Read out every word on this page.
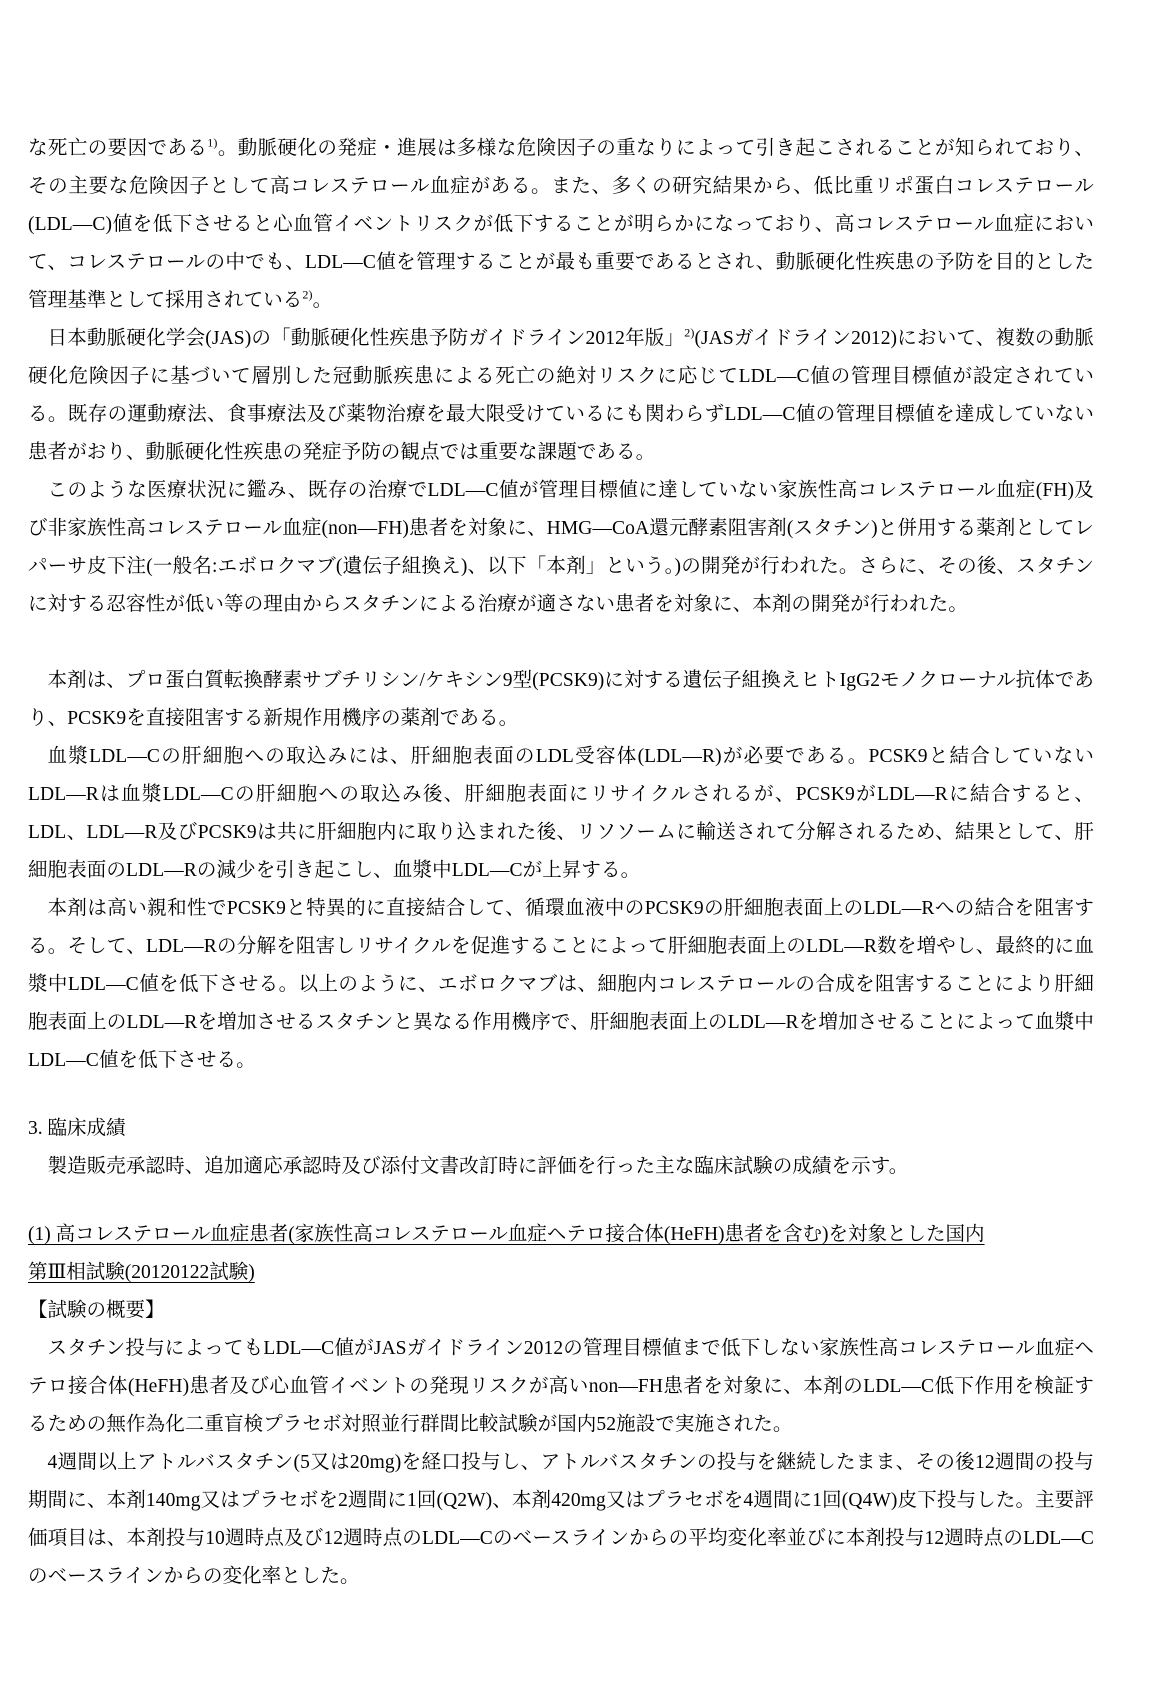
な死亡の要因である$^{1)}$。動脈硬化の発症・進展は多様な危険因子の重なりによって引き起こされることが知られており、その主要な危険因子として高コレステロール血症がある。また、多くの研究結果から、低比重リポ蛋白コレステロール(LDL―C)値を低下させると心血管イベントリスクが低下することが明らかになっており、高コレステロール血症において、コレステロールの中でも、LDL―C値を管理することが最も重要であるとされ、動脈硬化性疾患の予防を目的とした管理基準として採用されている$^{2)}$。

日本動脈硬化学会(JAS)の「動脈硬化性疾患予防ガイドライン2012年版」$^{2)}$(JASガイドライン2012)において、複数の動脈硬化危険因子に基づいて層別した冠動脈疾患による死亡の絶対リスクに応じてLDL―C値の管理目標値が設定されている。既存の運動療法、食事療法及び薬物治療を最大限受けているにも関わらずLDL―C値の管理目標値を達成していない患者がおり、動脈硬化性疾患の発症予防の観点では重要な課題である。

このような医療状況に鑑み、既存の治療でLDL―C値が管理目標値に達していない家族性高コレステロール血症(FH)及び非家族性高コレステロール血症(non―FH)患者を対象に、HMG―CoA還元酵素阻害剤(スタチン)と併用する薬剤としてレパーサ皮下注(一般名:エボロクマブ(遺伝子組換え)、以下「本剤」という。)の開発が行われた。さらに、その後、スタチンに対する忍容性が低い等の理由からスタチンによる治療が適さない患者を対象に、本剤の開発が行われた。

本剤は、プロ蛋白質転換酵素サブチリシン/ケキシン9型(PCSK9)に対する遺伝子組換えヒトIgG2モノクローナル抗体であり、PCSK9を直接阻害する新規作用機序の薬剤である。

血漿LDL―Cの肝細胞への取込みには、肝細胞表面のLDL受容体(LDL―R)が必要である。PCSK9と結合していないLDL―Rは血漿LDL―Cの肝細胞への取込み後、肝細胞表面にリサイクルされるが、PCSK9がLDL―Rに結合すると、LDL、LDL―R及びPCSK9は共に肝細胞内に取り込まれた後、リソソームに輸送されて分解されるため、結果として、肝細胞表面のLDL―Rの減少を引き起こし、血漿中LDL―Cが上昇する。

本剤は高い親和性でPCSK9と特異的に直接結合して、循環血液中のPCSK9の肝細胞表面上のLDL―Rへの結合を阻害する。そして、LDL―Rの分解を阻害しリサイクルを促進することによって肝細胞表面上のLDL―R数を増やし、最終的に血漿中LDL―C値を低下させる。以上のように、エボロクマブは、細胞内コレステロールの合成を阻害することにより肝細胞表面上のLDL―Rを増加させるスタチンと異なる作用機序で、肝細胞表面上のLDL―Rを増加させることによって血漿中LDL―C値を低下させる。

3. 臨床成績

製造販売承認時、追加適応承認時及び添付文書改訂時に評価を行った主な臨床試験の成績を示す。

(1) 高コレステロール血症患者(家族性高コレステロール血症ヘテロ接合体(HeFH)患者を含む)を対象とした国内

第Ⅲ相試験(20120122試験)

【試験の概要】

スタチン投与によってもLDL―C値がJASガイドライン2012の管理目標値まで低下しない家族性高コレステロール血症ヘテロ接合体(HeFH)患者及び心血管イベントの発現リスクが高いnon―FH患者を対象に、本剤のLDL―C低下作用を検証するための無作為化二重盲検プラセボ対照並行群間比較試験が国内52施設で実施された。

4週間以上アトルバスタチン(5又は20mg)を経口投与し、アトルバスタチンの投与を継続したまま、その後12週間の投与期間に、本剤140mg又はプラセボを2週間に1回(Q2W)、本剤420mg又はプラセボを4週間に1回(Q4W)皮下投与した。主要評価項目は、本剤投与10週時点及び12週時点のLDL―Cのベースラインからの平均変化率並びに本剤投与12週時点のLDL―Cのベースラインからの変化率とした。
